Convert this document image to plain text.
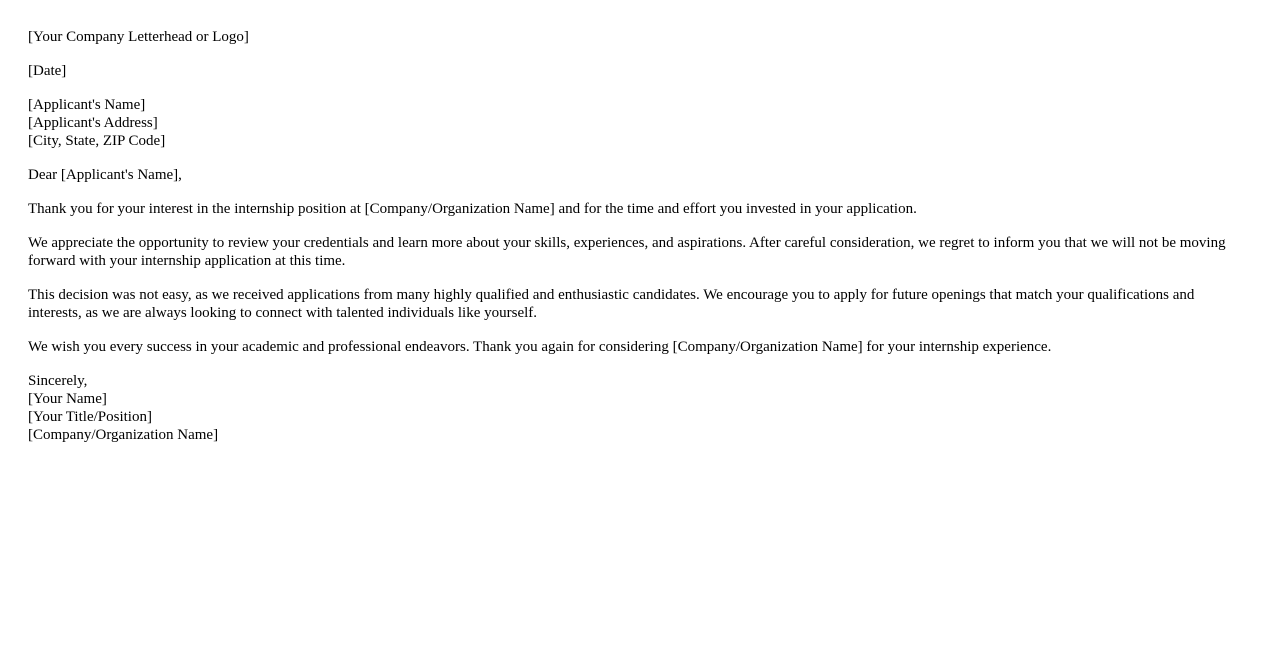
[Your Company Letterhead or Logo]

[Date]

[Applicant's Name]
[Applicant's Address]
[City, State, ZIP Code]

Dear [Applicant's Name],

Thank you for your interest in the internship position at [Company/Organization Name] and for the time and effort you invested in your application.

We appreciate the opportunity to review your credentials and learn more about your skills, experiences, and aspirations. After careful consideration, we regret to inform you that we will not be moving forward with your internship application at this time.

This decision was not easy, as we received applications from many highly qualified and enthusiastic candidates. We encourage you to apply for future openings that match your qualifications and interests, as we are always looking to connect with talented individuals like yourself.

We wish you every success in your academic and professional endeavors. Thank you again for considering [Company/Organization Name] for your internship experience.

Sincerely,
[Your Name]
[Your Title/Position]
[Company/Organization Name]
